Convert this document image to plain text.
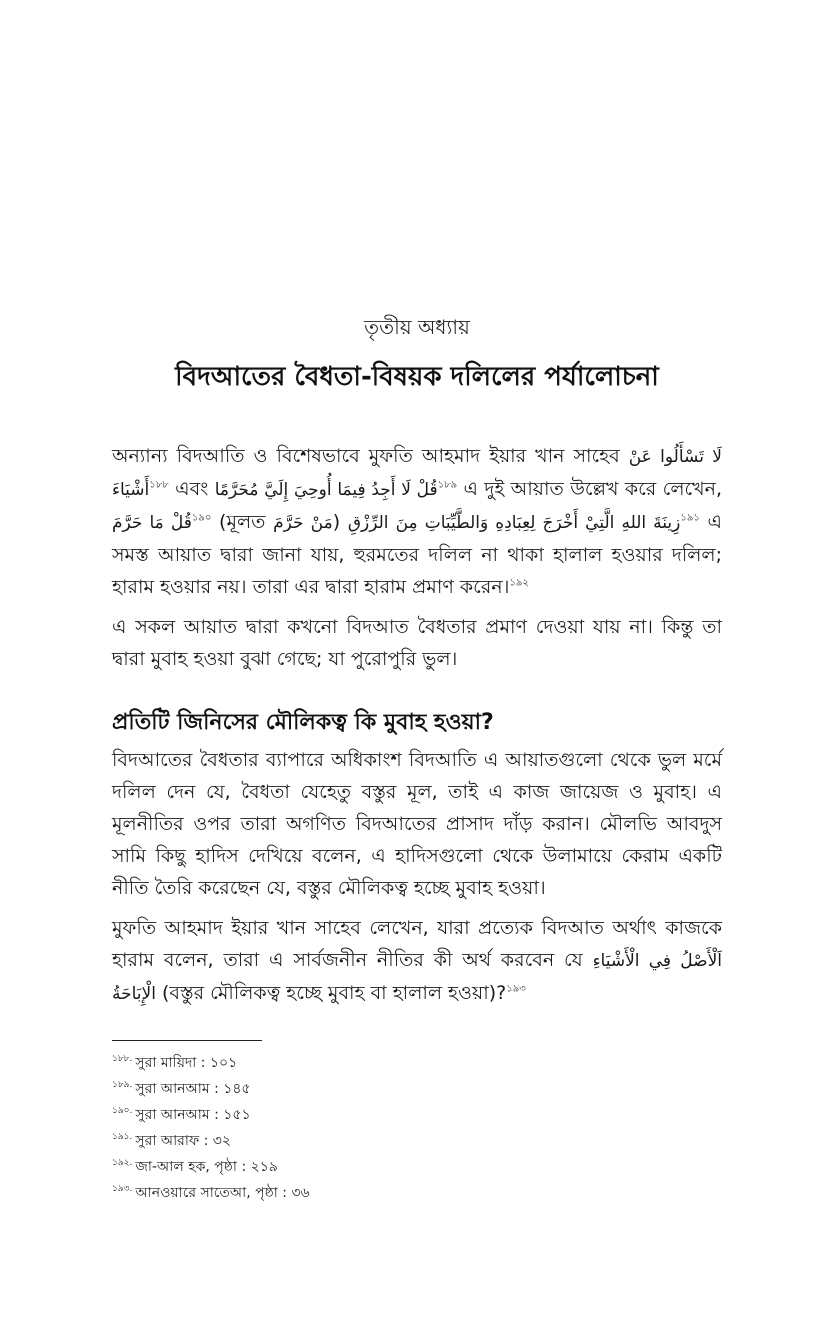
তৃতীয় অধ্যায়
বিদআতের বৈধতা-বিষয়ক দলিলের পর্যালোচনা

অন্যান্য বিদআতি ও বিশেষভাবে মুফতি আহমাদ ইয়ার খান সাহেব لَا تَسْأَلُوا عَنْ أَشْيَاءَ$^{১৮৮}$ এবং قُلْ لَا أَجِدُ فِيمَا أُوحِيَ إِلَيَّ مُحَرَّمًا$^{১৮৯}$ এ দুই আয়াত উল্লেখ করে লেখেন, قُلْ مَا حَرَّمَ$^{১৯০}$ (মূলত مَنْ حَرَّمَ) زِينَةَ اللهِ الَّتِيْ أَخْرَجَ لِعِبَادِهِ وَالطَّيِّبَاتِ مِنَ الرِّزْقِ$^{১৯১}$ এ সমস্ত আয়াত দ্বারা জানা যায়, হুরমতের দলিল না থাকা হালাল হওয়ার দলিল; হারাম হওয়ার নয়। তারা এর দ্বারা হারাম প্রমাণ করেন।$^{১৯২}$

এ সকল আয়াত দ্বারা কখনো বিদআত বৈধতার প্রমাণ দেওয়া যায় না। কিন্তু তা দ্বারা মুবাহ হওয়া বুঝা গেছে; যা পুরোপুরি ভুল।

প্রতিটি জিনিসের মৌলিকত্ব কি মুবাহ হওয়া?

বিদআতের বৈধতার ব্যাপারে অধিকাংশ বিদআতি এ আয়াতগুলো থেকে ভুল মর্মে দলিল দেন যে, বৈধতা যেহেতু বস্তুর মূল, তাই এ কাজ জায়েজ ও মুবাহ। এ মূলনীতির ওপর তারা অগণিত বিদআতের প্রাসাদ দাঁড় করান। মৌলভি আবদুস সামি কিছু হাদিস দেখিয়ে বলেন, এ হাদিসগুলো থেকে উলামায়ে কেরাম একটি নীতি তৈরি করেছেন যে, বস্তুর মৌলিকত্ব হচ্ছে মুবাহ হওয়া।

মুফতি আহমাদ ইয়ার খান সাহেব লেখেন, যারা প্রত্যেক বিদআত অর্থাৎ কাজকে হারাম বলেন, তারা এ সার্বজনীন নীতির কী অর্থ করবেন যে اَلْأَصْلُ فِي الْأَشْيَاءِ الْإِبَاحَةُ (বস্তুর মৌলিকত্ব হচ্ছে মুবাহ বা হালাল হওয়া)?$^{১৯৩}$

$^{১৮৮.}$ সুরা মায়িদা : ১০১
$^{১৮৯.}$ সুরা আনআম : ১৪৫
$^{১৯০.}$ সুরা আনআম : ১৫১
$^{১৯১.}$ সুরা আরাফ : ৩২
$^{১৯২.}$ জা-আল হক, পৃষ্ঠা : ২১৯
$^{১৯৩.}$ আনওয়ারে সাতেআ, পৃষ্ঠা : ৩৬
